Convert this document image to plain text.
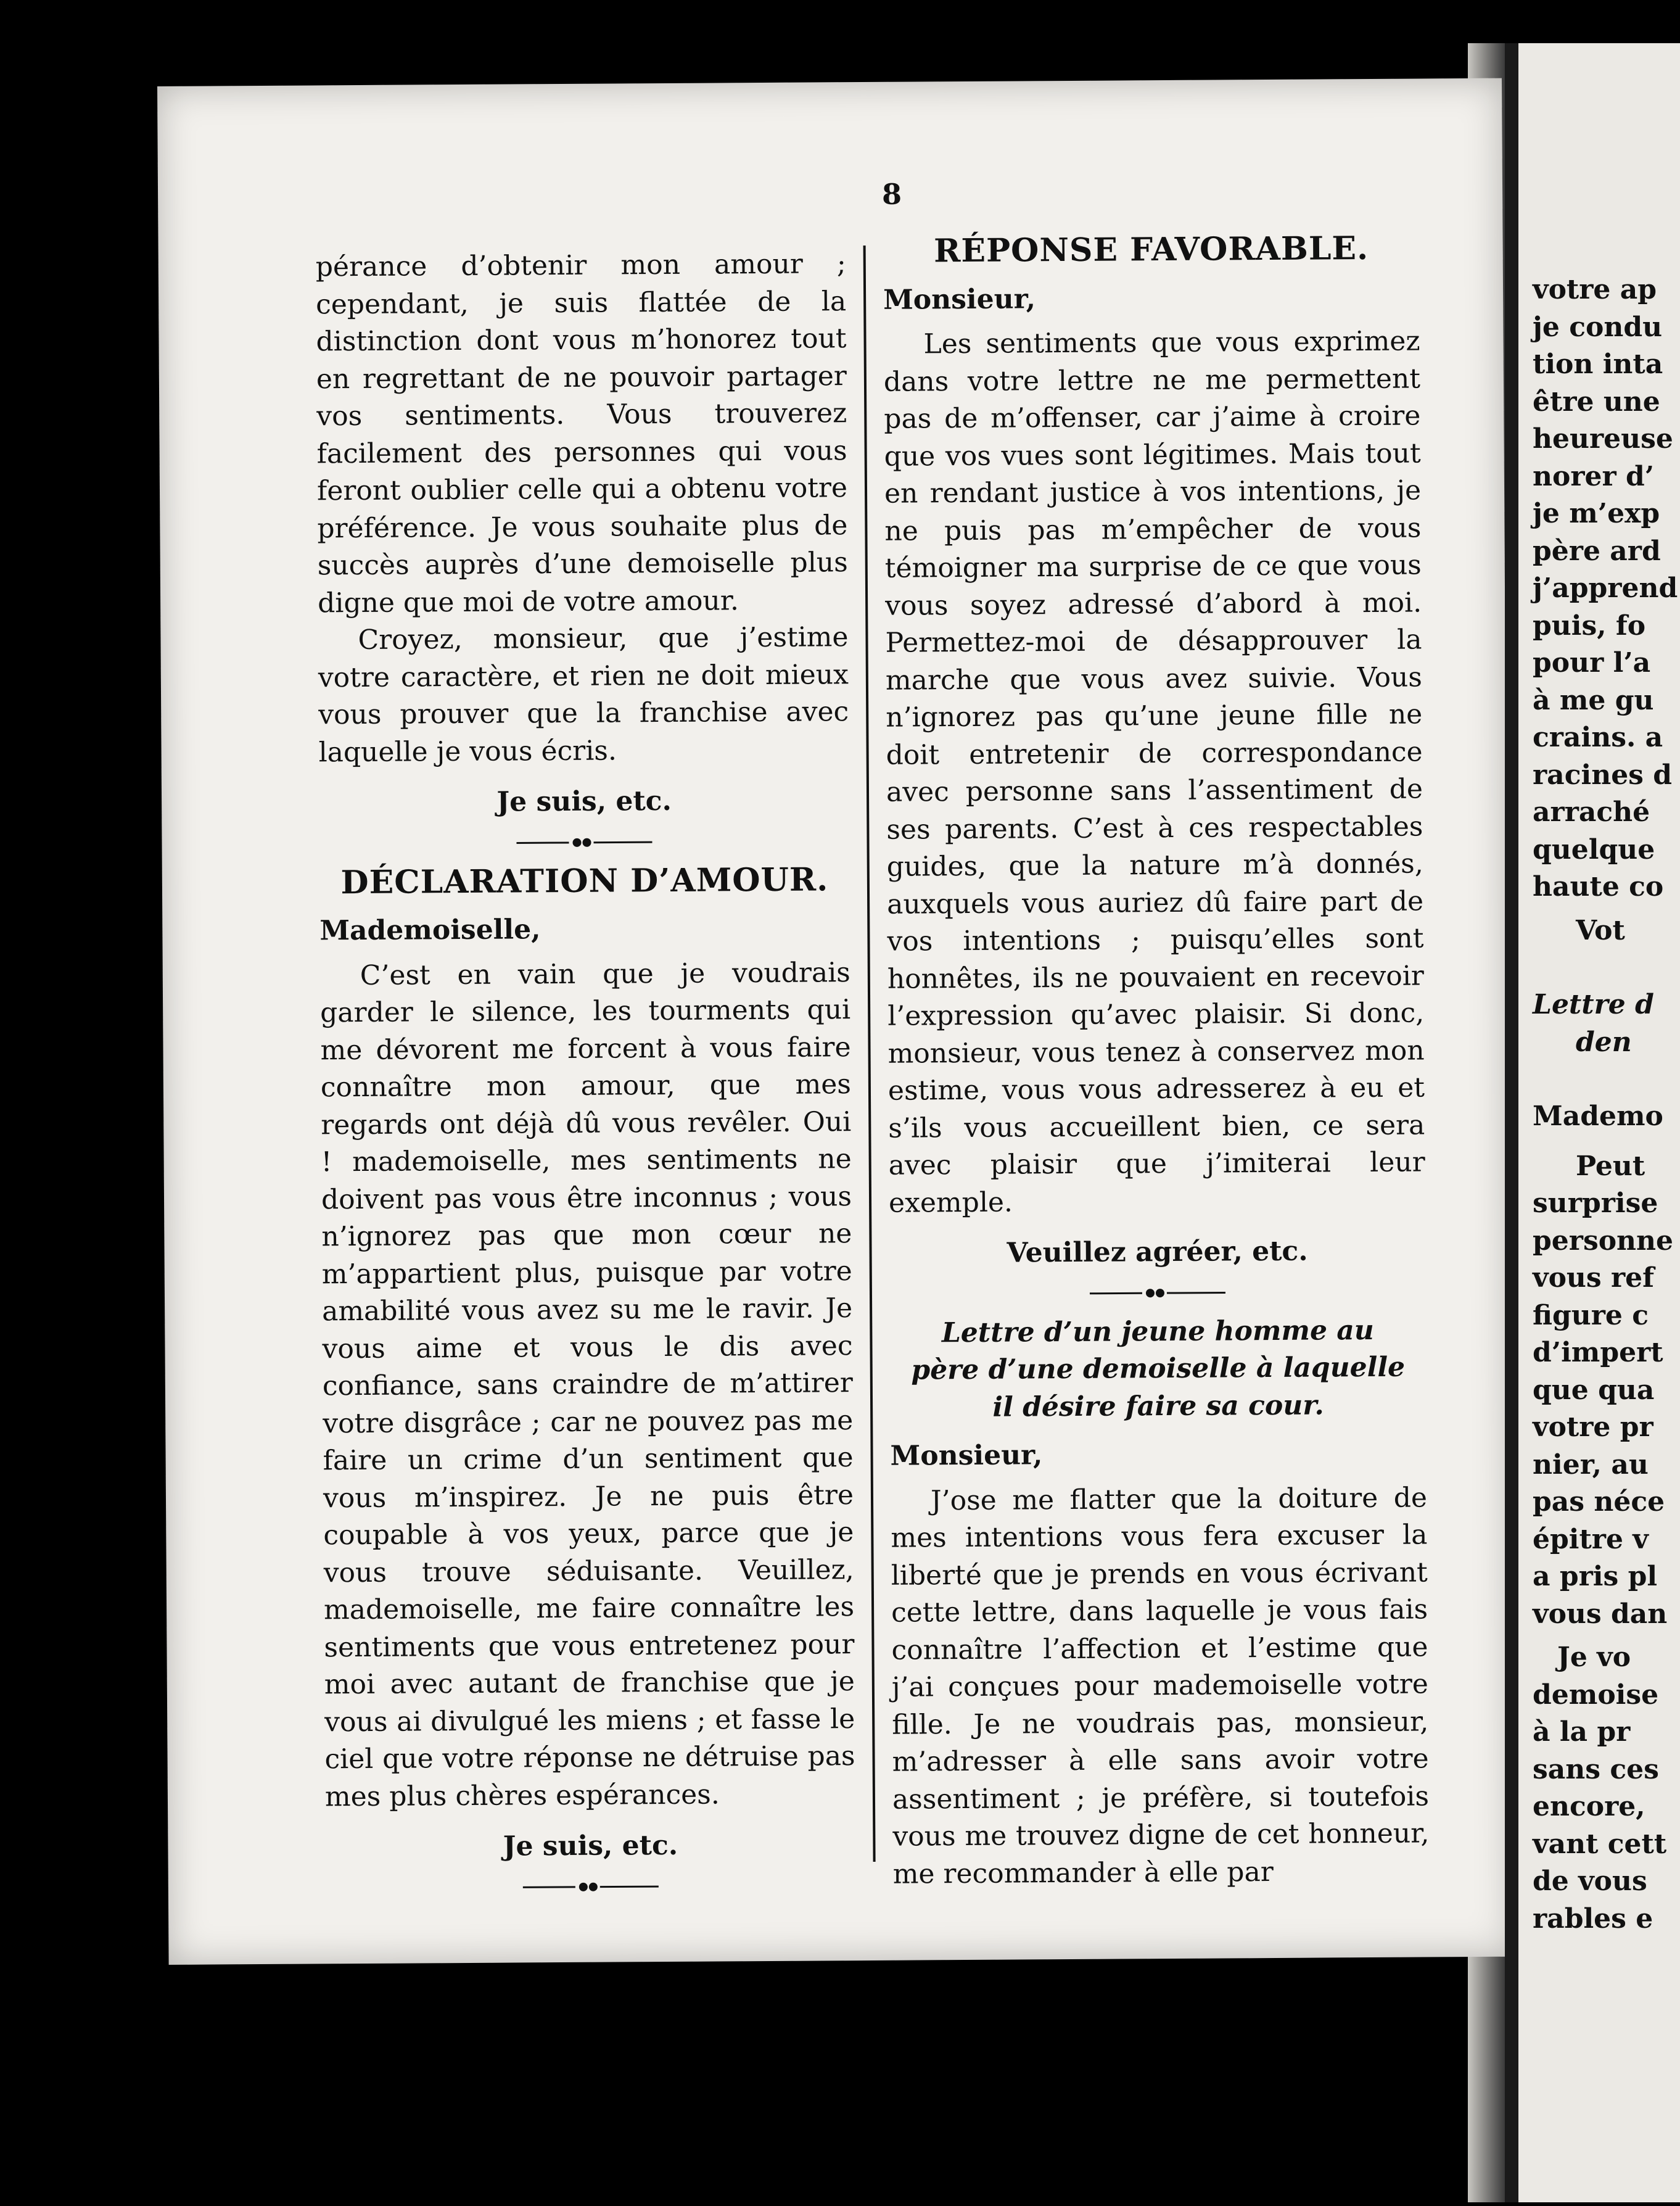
8

pérance d’obtenir mon amour ; cependant, je suis flattée de la distinction dont vous m’honorez tout en regrettant de ne pouvoir partager vos sentiments. Vous trouverez facilement des personnes qui vous feront oublier celle qui a obtenu votre préférence. Je vous souhaite plus de succès auprès d’une demoiselle plus digne que moi de votre amour.

Croyez, monsieur, que j’estime votre caractère, et rien ne doit mieux vous prouver que la franchise avec laquelle je vous écris.

Je suis, etc.

DÉCLARATION D’AMOUR.

Mademoiselle,

C’est en vain que je voudrais garder le silence, les tourments qui me dévorent me forcent à vous faire connaître mon amour, que mes regards ont déjà dû vous revêler. Oui ! mademoiselle, mes sentiments ne doivent pas vous être inconnus ; vous n’ignorez pas que mon cœur ne m’appartient plus, puisque par votre amabilité vous avez su me le ravir. Je vous aime et vous le dis avec confiance, sans craindre de m’attirer votre disgrâce ; car ne pouvez pas me faire un crime d’un sentiment que vous m’inspirez. Je ne puis être coupable à vos yeux, parce que je vous trouve séduisante. Veuillez, mademoiselle, me faire connaître les sentiments que vous entretenez pour moi avec autant de franchise que je vous ai divulgué les miens ; et fasse le ciel que votre réponse ne détruise pas mes plus chères espérances.

Je suis, etc.

RÉPONSE FAVORABLE.

Monsieur,

Les sentiments que vous exprimez dans votre lettre ne me permettent pas de m’offenser, car j’aime à croire que vos vues sont légitimes. Mais tout en rendant justice à vos intentions, je ne puis pas m’empêcher de vous témoigner ma surprise de ce que vous vous soyez adressé d’abord à moi. Permettez-moi de désapprouver la marche que vous avez suivie. Vous n’ignorez pas qu’une jeune fille ne doit entretenir de correspondance avec personne sans l’assentiment de ses parents. C’est à ces respectables guides, que la nature m’à donnés, auxquels vous auriez dû faire part de vos intentions ; puisqu’elles sont honnêtes, ils ne pouvaient en recevoir l’expression qu’avec plaisir. Si donc, monsieur, vous tenez à conservez mon estime, vous vous adresserez à eu et s’ils vous accueillent bien, ce sera avec plaisir que j’imiterai leur exemple.

Veuillez agréer, etc.

Lettre d’un jeune homme au père d’une demoiselle à laquelle il désire faire sa cour.

Monsieur,

J’ose me flatter que la doiture de mes intentions vous fera excuser la liberté que je prends en vous écrivant cette lettre, dans laquelle je vous fais connaître l’affection et l’estime que j’ai conçues pour mademoiselle votre fille. Je ne voudrais pas, monsieur, m’adresser à elle sans avoir votre assentiment ; je préfère, si toutefois vous me trouvez digne de cet honneur, me recommander à elle par

votre ap

je condu

tion inta

être une

heureuse

norer d’

je m’exp

père ard

j’apprend

puis, fo

pour l’a

à me gu

crains. a

racines d

arraché

quelque

haute co

Vot

Lettre d

den

Mademo

Peut

surprise

personne

vous ref

figure c

d’impert

que qua

votre pr

nier, au

pas néce

épitre v

a pris pl

vous dan

Je vo

demoise

à la pr

sans ces

encore,

vant cett

de vous

rables e
